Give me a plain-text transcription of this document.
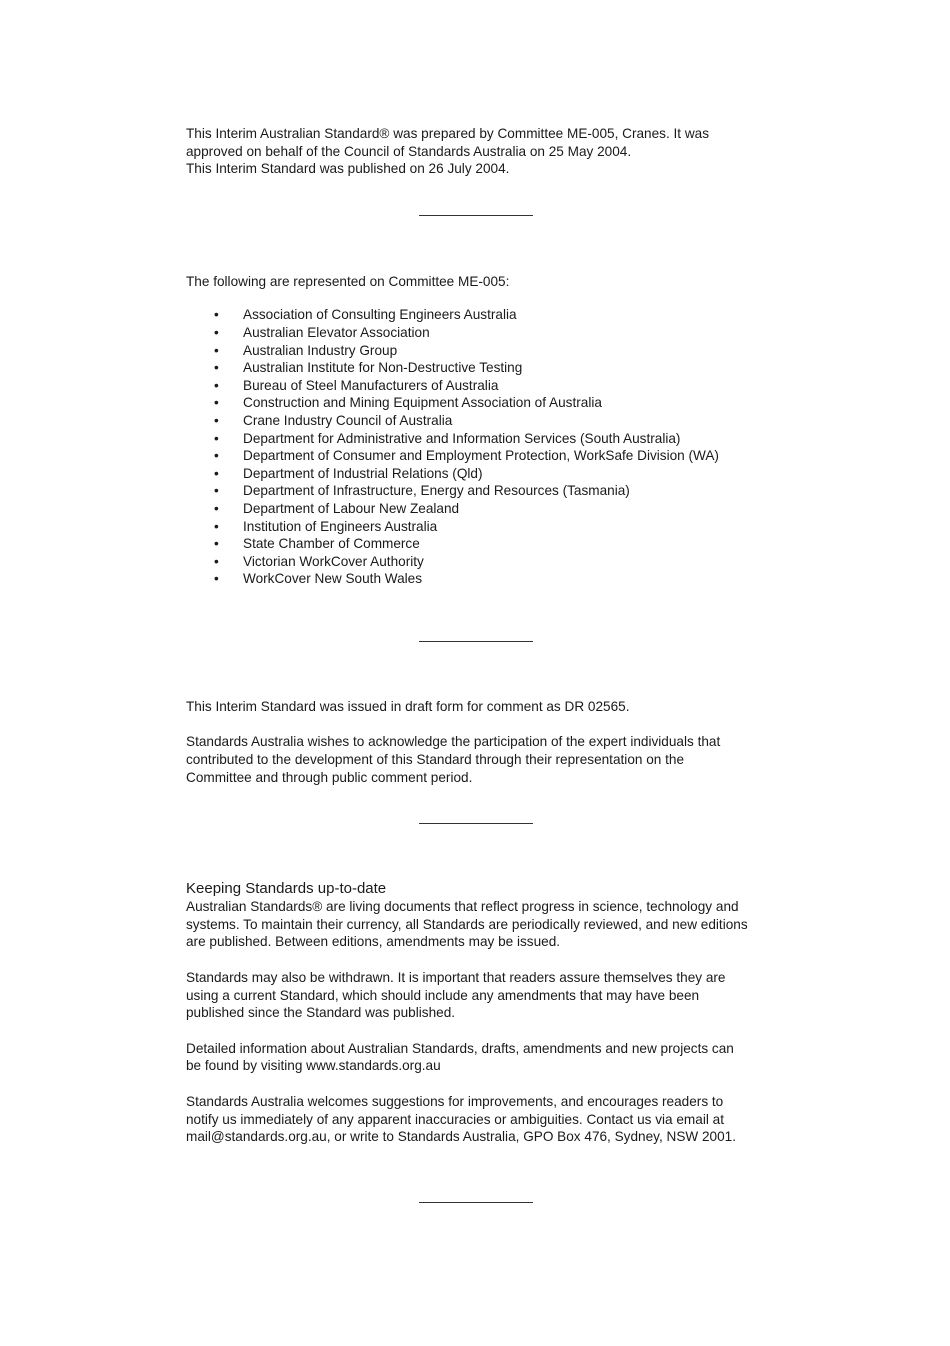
This Interim Australian Standard® was prepared by Committee ME-005, Cranes. It was
approved on behalf of the Council of Standards Australia on 25 May 2004.
This Interim Standard was published on 26 July 2004.

The following are represented on Committee ME-005:

• Association of Consulting Engineers Australia
• Australian Elevator Association
• Australian Industry Group
• Australian Institute for Non-Destructive Testing
• Bureau of Steel Manufacturers of Australia
• Construction and Mining Equipment Association of Australia
• Crane Industry Council of Australia
• Department for Administrative and Information Services (South Australia)
• Department of Consumer and Employment Protection, WorkSafe Division (WA)
• Department of Industrial Relations (Qld)
• Department of Infrastructure, Energy and Resources (Tasmania)
• Department of Labour New Zealand
• Institution of Engineers Australia
• State Chamber of Commerce
• Victorian WorkCover Authority
• WorkCover New South Wales

This Interim Standard was issued in draft form for comment as DR 02565.

Standards Australia wishes to acknowledge the participation of the expert individuals that
contributed to the development of this Standard through their representation on the
Committee and through public comment period.

Keeping Standards up-to-date

Australian Standards® are living documents that reflect progress in science, technology and
systems. To maintain their currency, all Standards are periodically reviewed, and new editions
are published. Between editions, amendments may be issued.

Standards may also be withdrawn. It is important that readers assure themselves they are
using a current Standard, which should include any amendments that may have been
published since the Standard was published.

Detailed information about Australian Standards, drafts, amendments and new projects can
be found by visiting www.standards.org.au

Standards Australia welcomes suggestions for improvements, and encourages readers to
notify us immediately of any apparent inaccuracies or ambiguities. Contact us via email at
mail@standards.org.au, or write to Standards Australia, GPO Box 476, Sydney, NSW 2001.
